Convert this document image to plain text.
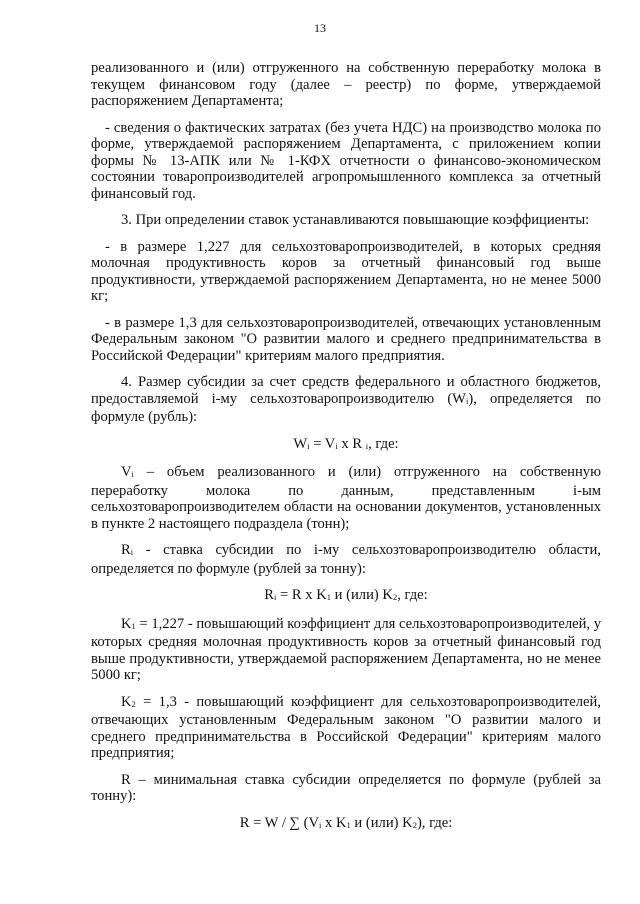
13

реализованного и (или) отгруженного на собственную переработку молока в текущем финансовом году (далее – реестр) по форме, утверждаемой распоряжением Департамента;

- сведения о фактических затратах (без учета НДС) на производство молока по форме, утверждаемой распоряжением Департамента, с приложением копии формы № 13-АПК или № 1-КФХ отчетности о финансово-экономическом состоянии товаропроизводителей агропромышленного комплекса за отчетный финансовый год.

3. При определении ставок устанавливаются повышающие коэффициенты:

- в размере 1,227 для сельхозтоваропроизводителей, в которых средняя молочная продуктивность коров за отчетный финансовый год выше продуктивности, утверждаемой распоряжением Департамента, но не менее 5000 кг;

- в размере 1,3 для сельхозтоваропроизводителей, отвечающих установленным Федеральным законом "О развитии малого и среднего предпринимательства в Российской Федерации" критериям малого предприятия.

4. Размер субсидии за счет средств федерального и областного бюджетов, предоставляемой i-му сельхозтоваропроизводителю (Wi), определяется по формуле (рубль):

Wi = Vi x R i, где:

Vi – объем реализованного и (или) отгруженного на собственную переработку молока по данным, представленным i-ым сельхозтоваропроизводителем области на основании документов, установленных в пункте 2 настоящего подраздела (тонн);

Ri - ставка субсидии по i-му сельхозтоваропроизводителю области, определяется по формуле (рублей за тонну):

Ri = R x K1 и (или) K2, где:

K1 = 1,227 - повышающий коэффициент для сельхозтоваропроизводителей, у которых средняя молочная продуктивность коров за отчетный финансовый год выше продуктивности, утверждаемой распоряжением Департамента, но не менее 5000 кг;

K2 = 1,3 - повышающий коэффициент для сельхозтоваропроизводителей, отвечающих установленным Федеральным законом "О развитии малого и среднего предпринимательства в Российской Федерации" критериям малого предприятия;

R – минимальная ставка субсидии определяется по формуле (рублей за тонну):

R = W / ∑ (Vi x K1 и (или) K2), где:
